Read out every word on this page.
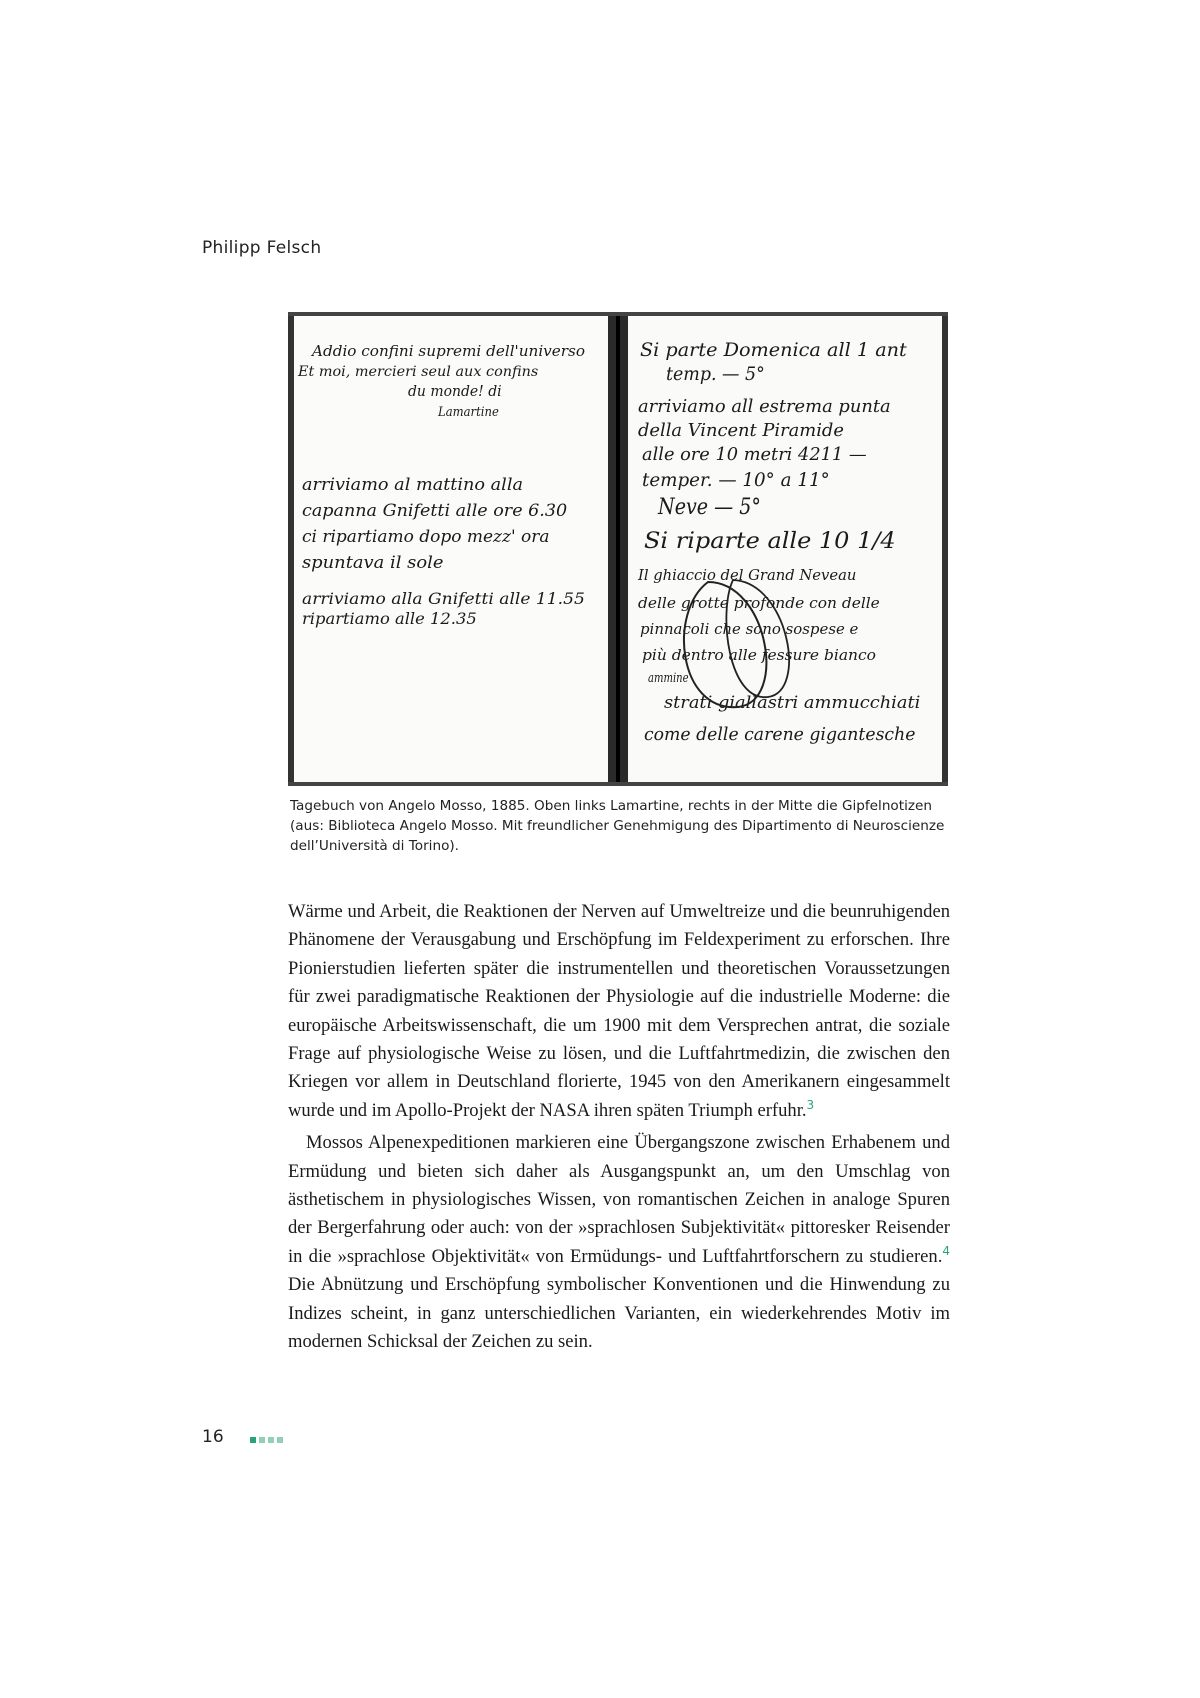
Philipp Felsch
Addio confini supremi dell'universo
Et moi, mercieri seul aux confins
du monde! di
Lamartine
arriviamo al mattino alla
capanna Gnifetti alle ore 6.30
ci ripartiamo dopo mezz' ora
spuntava il sole
arriviamo alla Gnifetti alle 11.55
ripartiamo alle 12.35
Si parte Domenica all 1 ant
temp. — 5°
arriviamo all estrema punta
della Vincent Piramide
alle ore 10 metri 4211 —
temper. — 10° a 11°
Neve — 5°
Si riparte alle 10 1/4
Il ghiaccio del Grand Neveau
delle grotte profonde con delle
pinnacoli che sono sospese e
più dentro alle fessure bianco
ammine
strati giallastri ammucchiati
come delle carene gigantesche
Tagebuch von Angelo Mosso, 1885. Oben links Lamartine, rechts in der Mitte die Gipfelnotizen (aus: Biblioteca Angelo Mosso. Mit freundlicher Genehmigung des Dipartimento di Neuroscienze dell’Università di Torino).

Wärme und Arbeit, die Reaktionen der Nerven auf Umweltreize und die beunruhigenden Phänomene der Verausgabung und Erschöpfung im Feldexperiment zu erforschen. Ihre Pionierstudien lieferten später die instrumentellen und theoretischen Voraussetzungen für zwei paradigmatische Reaktionen der Physiologie auf die industrielle Moderne: die europäische Arbeitswissenschaft, die um 1900 mit dem Versprechen antrat, die soziale Frage auf physiologische Weise zu lösen, und die Luftfahrtmedizin, die zwischen den Kriegen vor allem in Deutschland florierte, 1945 von den Amerikanern eingesammelt wurde und im Apollo-Projekt der NASA ihren späten Triumph erfuhr.$^3$

Mossos Alpenexpeditionen markieren eine Übergangszone zwischen Erhabenem und Ermüdung und bieten sich daher als Ausgangspunkt an, um den Umschlag von ästhetischem in physiologisches Wissen, von romantischen Zeichen in analoge Spuren der Bergerfahrung oder auch: von der »sprachlosen Subjektivität« pittoresker Reisender in die »sprachlose Objektivität« von Ermüdungs- und Luftfahrtforschern zu studieren.$^4$ Die Abnützung und Erschöpfung symbolischer Konventionen und die Hinwendung zu Indizes scheint, in ganz unterschiedlichen Varianten, ein wiederkehrendes Motiv im modernen Schicksal der Zeichen zu sein.

16
